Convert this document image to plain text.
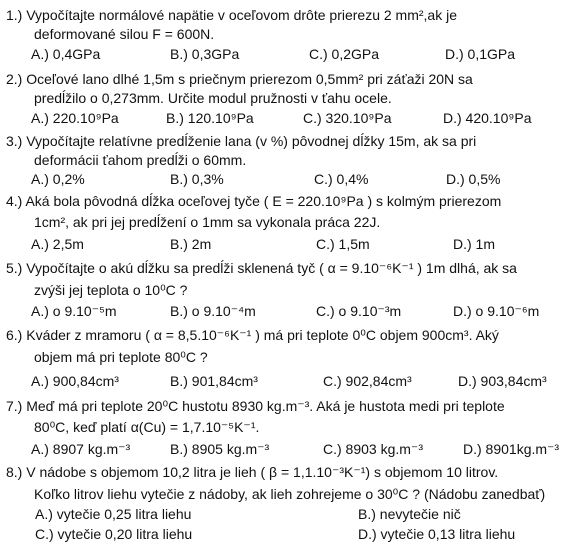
1.) Vypočítajte normálové napätie v oceľovom drôte prierezu 2 mm²,ak je
deformované silou F = 600N.
A.) 0,4GPa	B.) 0,3GPa	C.) 0,2GPa	D.) 0,1GPa
2.) Oceľové lano dlhé 1,5m s priečnym prierezom 0,5mm² pri záťaži 20N sa
predĺžilo o 0,273mm. Určite modul pružnosti v ťahu ocele.
A.) 220.10⁹Pa	B.) 120.10⁹Pa	C.) 320.10⁹Pa	D.) 420.10⁹Pa
3.) Vypočítajte relatívne predĺženie lana (v %) pôvodnej dĺžky 15m, ak sa pri
deformácii ťahom predĺži o 60mm.
A.) 0,2%	B.) 0,3%	C.) 0,4%	D.) 0,5%
4.) Aká bola pôvodná dĺžka oceľovej tyče ( E = 220.10⁹Pa ) s kolmým prierezom
1cm², ak pri jej predĺžení o 1mm sa vykonala práca 22J.
A.) 2,5m	B.) 2m	C.) 1,5m	D.) 1m
5.) Vypočítajte o akú dĺžku sa predĺži sklenená tyč ( α = 9.10⁻⁶K⁻¹ ) 1m dlhá, ak sa
zvýši jej teplota o 10⁰C ?
A.) o 9.10⁻⁵m	B.) o 9.10⁻⁴m	C.) o 9.10⁻³m	D.) o 9.10⁻⁶m
6.) Kváder z mramoru ( α = 8,5.10⁻⁶K⁻¹ ) má pri teplote 0⁰C objem 900cm³. Aký
objem má pri teplote 80⁰C ?
A.) 900,84cm³	B.) 901,84cm³	C.) 902,84cm³	D.) 903,84cm³
7.) Meď má pri teplote 20⁰C hustotu 8930 kg.m⁻³. Aká je hustota medi pri teplote
80⁰C, keď platí α(Cu) = 1,7.10⁻⁵K⁻¹.
A.) 8907 kg.m⁻³	B.) 8905 kg.m⁻³	C.) 8903 kg.m⁻³	D.) 8901kg.m⁻³
8.) V nádobe s objemom 10,2 litra je lieh ( β = 1,1.10⁻³K⁻¹) s objemom 10 litrov.
Koľko litrov liehu vytečie z nádoby, ak lieh zohrejeme o 30⁰C ? (Nádobu zanedbať)
A.) vytečie 0,25 litra liehu	B.) nevytečie nič
C.) vytečie 0,20 litra liehu	D.) vytečie 0,13 litra liehu
